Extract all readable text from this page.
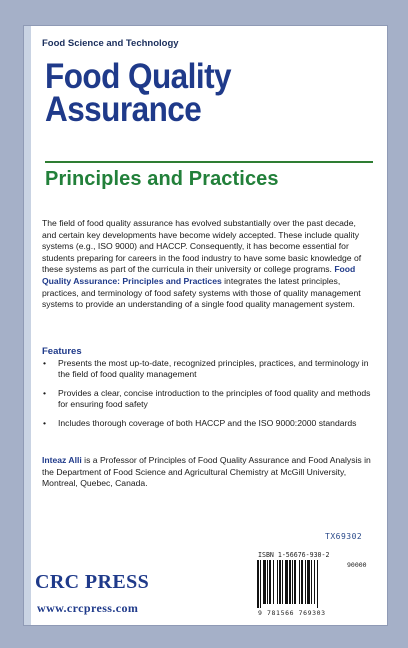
Food Science and Technology
Food Quality Assurance
Principles and Practices
The field of food quality assurance has evolved substantially over the past decade, and certain key developments have become widely accepted. These include quality systems (e.g., ISO 9000) and HACCP. Consequently, it has become essential for students preparing for careers in the food industry to have some basic knowledge of these systems as part of the curricula in their university or college programs. Food Quality Assurance: Principles and Practices integrates the latest principles, practices, and terminology of food safety systems with those of quality management systems to provide an understanding of a single food quality management system.
Features
• Presents the most up-to-date, recognized principles, practices, and terminology in the field of food quality management
• Provides a clear, concise introduction to the principles of food quality and methods for ensuring food safety
• Includes thorough coverage of both HACCP and the ISO 9000:2000 standards
Inteaz Alli is a Professor of Principles of Food Quality Assurance and Food Analysis in the Department of Food Science and Agricultural Chemistry at McGill University, Montreal, Quebec, Canada.
TX69302
ISBN 1-56676-930-2
90000
9 781566 769303
CRC PRESS
www.crcpress.com
